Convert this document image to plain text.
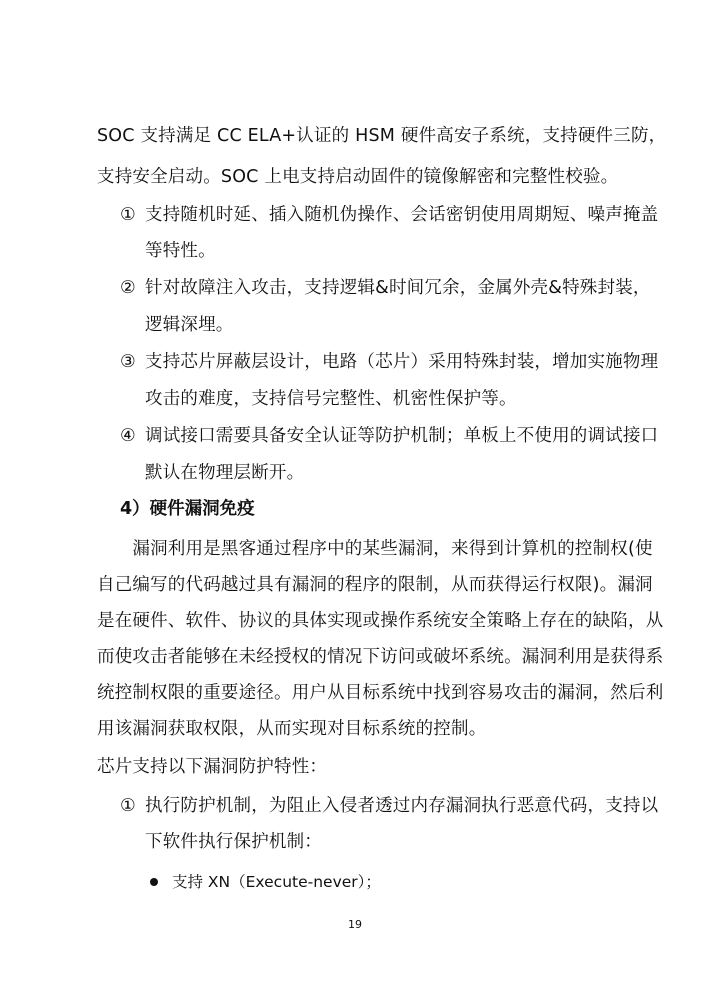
SOC 支持满足 CC ELA+认证的 HSM 硬件高安子系统，支持硬件三防，
支持安全启动。SOC 上电支持启动固件的镜像解密和完整性校验。
① 支持随机时延、插入随机伪操作、会话密钥使用周期短、噪声掩盖
等特性。
② 针对故障注入攻击，支持逻辑&时间冗余，金属外壳&特殊封装，
逻辑深埋。
③ 支持芯片屏蔽层设计，电路（芯片）采用特殊封装，增加实施物理
攻击的难度，支持信号完整性、机密性保护等。
④ 调试接口需要具备安全认证等防护机制；单板上不使用的调试接口
默认在物理层断开。
4）硬件漏洞免疫
　　漏洞利用是黑客通过程序中的某些漏洞，来得到计算机的控制权(使
自己编写的代码越过具有漏洞的程序的限制，从而获得运行权限)。漏洞
是在硬件、软件、协议的具体实现或操作系统安全策略上存在的缺陷，从
而使攻击者能够在未经授权的情况下访问或破坏系统。漏洞利用是获得系
统控制权限的重要途径。用户从目标系统中找到容易攻击的漏洞，然后利
用该漏洞获取权限，从而实现对目标系统的控制。
芯片支持以下漏洞防护特性：
① 执行防护机制，为阻止入侵者透过内存漏洞执行恶意代码，支持以
下软件执行保护机制：
支持 XN（Execute-never）；
19
